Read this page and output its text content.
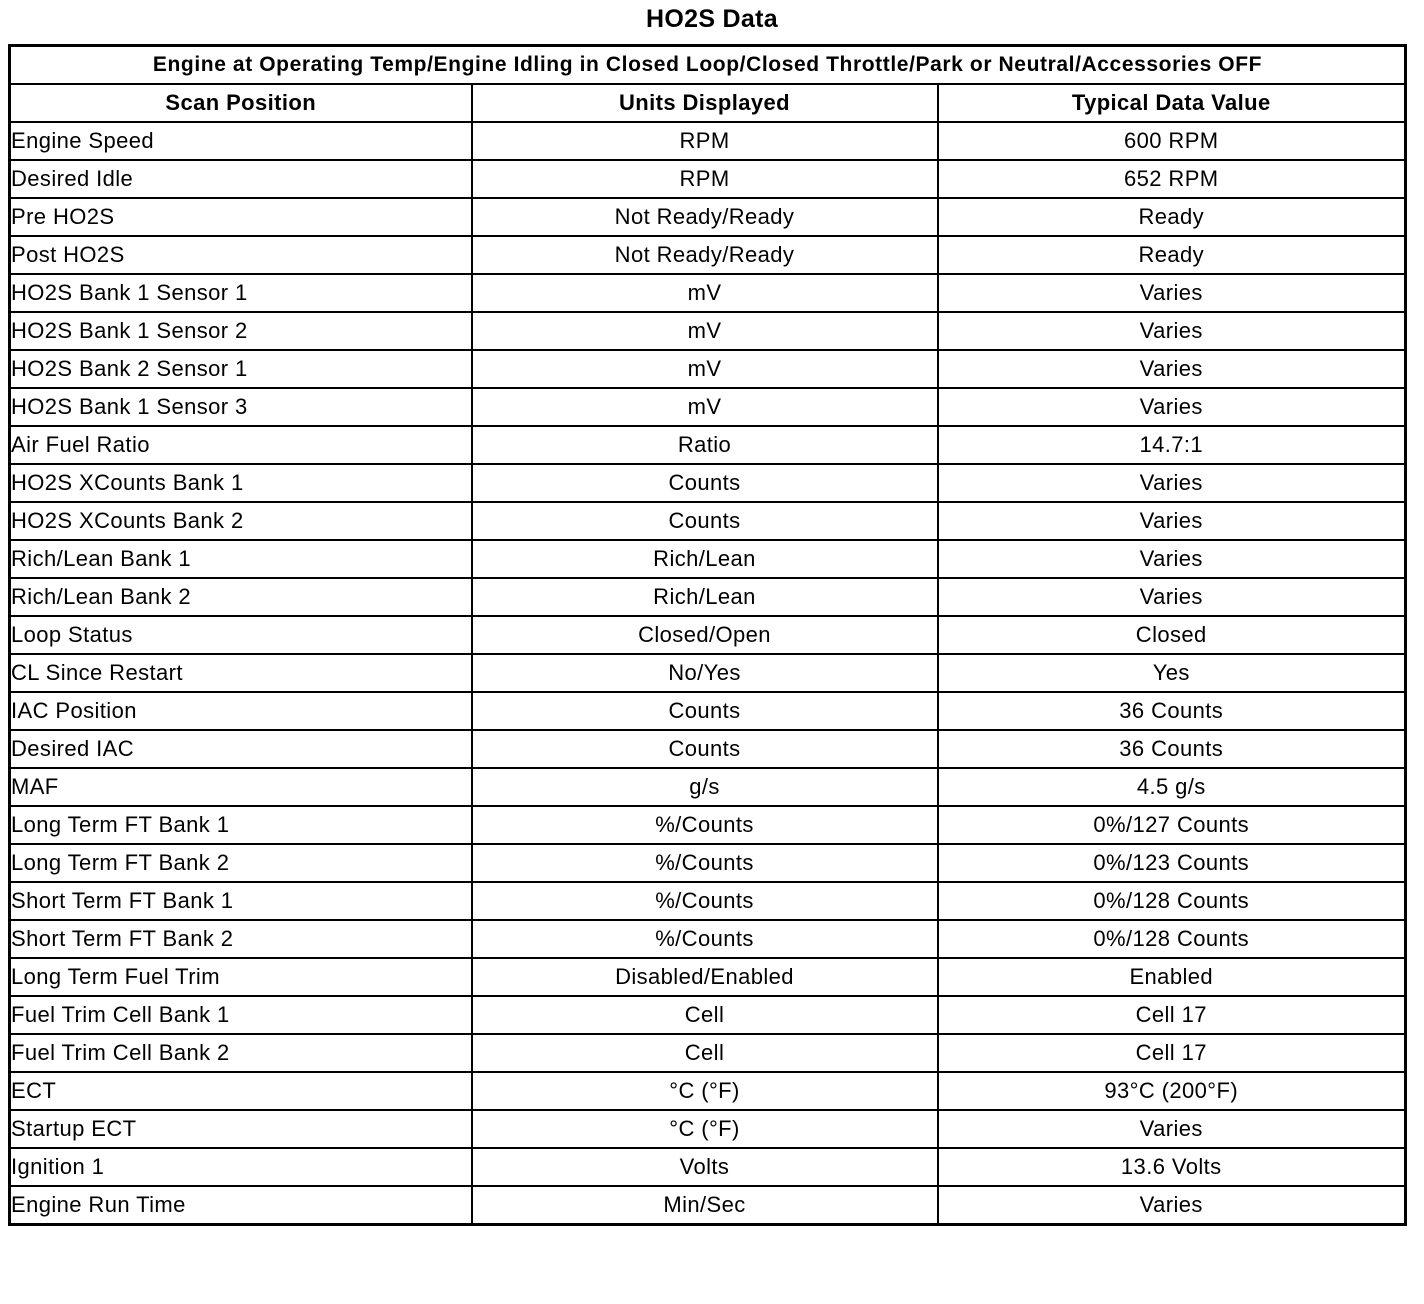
HO2S Data
Engine at Operating Temp/Engine Idling in Closed Loop/Closed Throttle/Park or Neutral/Accessories OFF		
Scan Position	Units Displayed	Typical Data Value
Engine Speed	RPM	600 RPM
Desired Idle	RPM	652 RPM
Pre HO2S	Not Ready/Ready	Ready
Post HO2S	Not Ready/Ready	Ready
HO2S Bank 1 Sensor 1	mV	Varies
HO2S Bank 1 Sensor 2	mV	Varies
HO2S Bank 2 Sensor 1	mV	Varies
HO2S Bank 1 Sensor 3	mV	Varies
Air Fuel Ratio	Ratio	14.7:1
HO2S XCounts Bank 1	Counts	Varies
HO2S XCounts Bank 2	Counts	Varies
Rich/Lean Bank 1	Rich/Lean	Varies
Rich/Lean Bank 2	Rich/Lean	Varies
Loop Status	Closed/Open	Closed
CL Since Restart	No/Yes	Yes
IAC Position	Counts	36 Counts
Desired IAC	Counts	36 Counts
MAF	g/s	4.5 g/s
Long Term FT Bank 1	%/Counts	0%/127 Counts
Long Term FT Bank 2	%/Counts	0%/123 Counts
Short Term FT Bank 1	%/Counts	0%/128 Counts
Short Term FT Bank 2	%/Counts	0%/128 Counts
Long Term Fuel Trim	Disabled/Enabled	Enabled
Fuel Trim Cell Bank 1	Cell	Cell 17
Fuel Trim Cell Bank 2	Cell	Cell 17
ECT	°C (°F)	93°C (200°F)
Startup ECT	°C (°F)	Varies
Ignition 1	Volts	13.6 Volts
Engine Run Time	Min/Sec	Varies
